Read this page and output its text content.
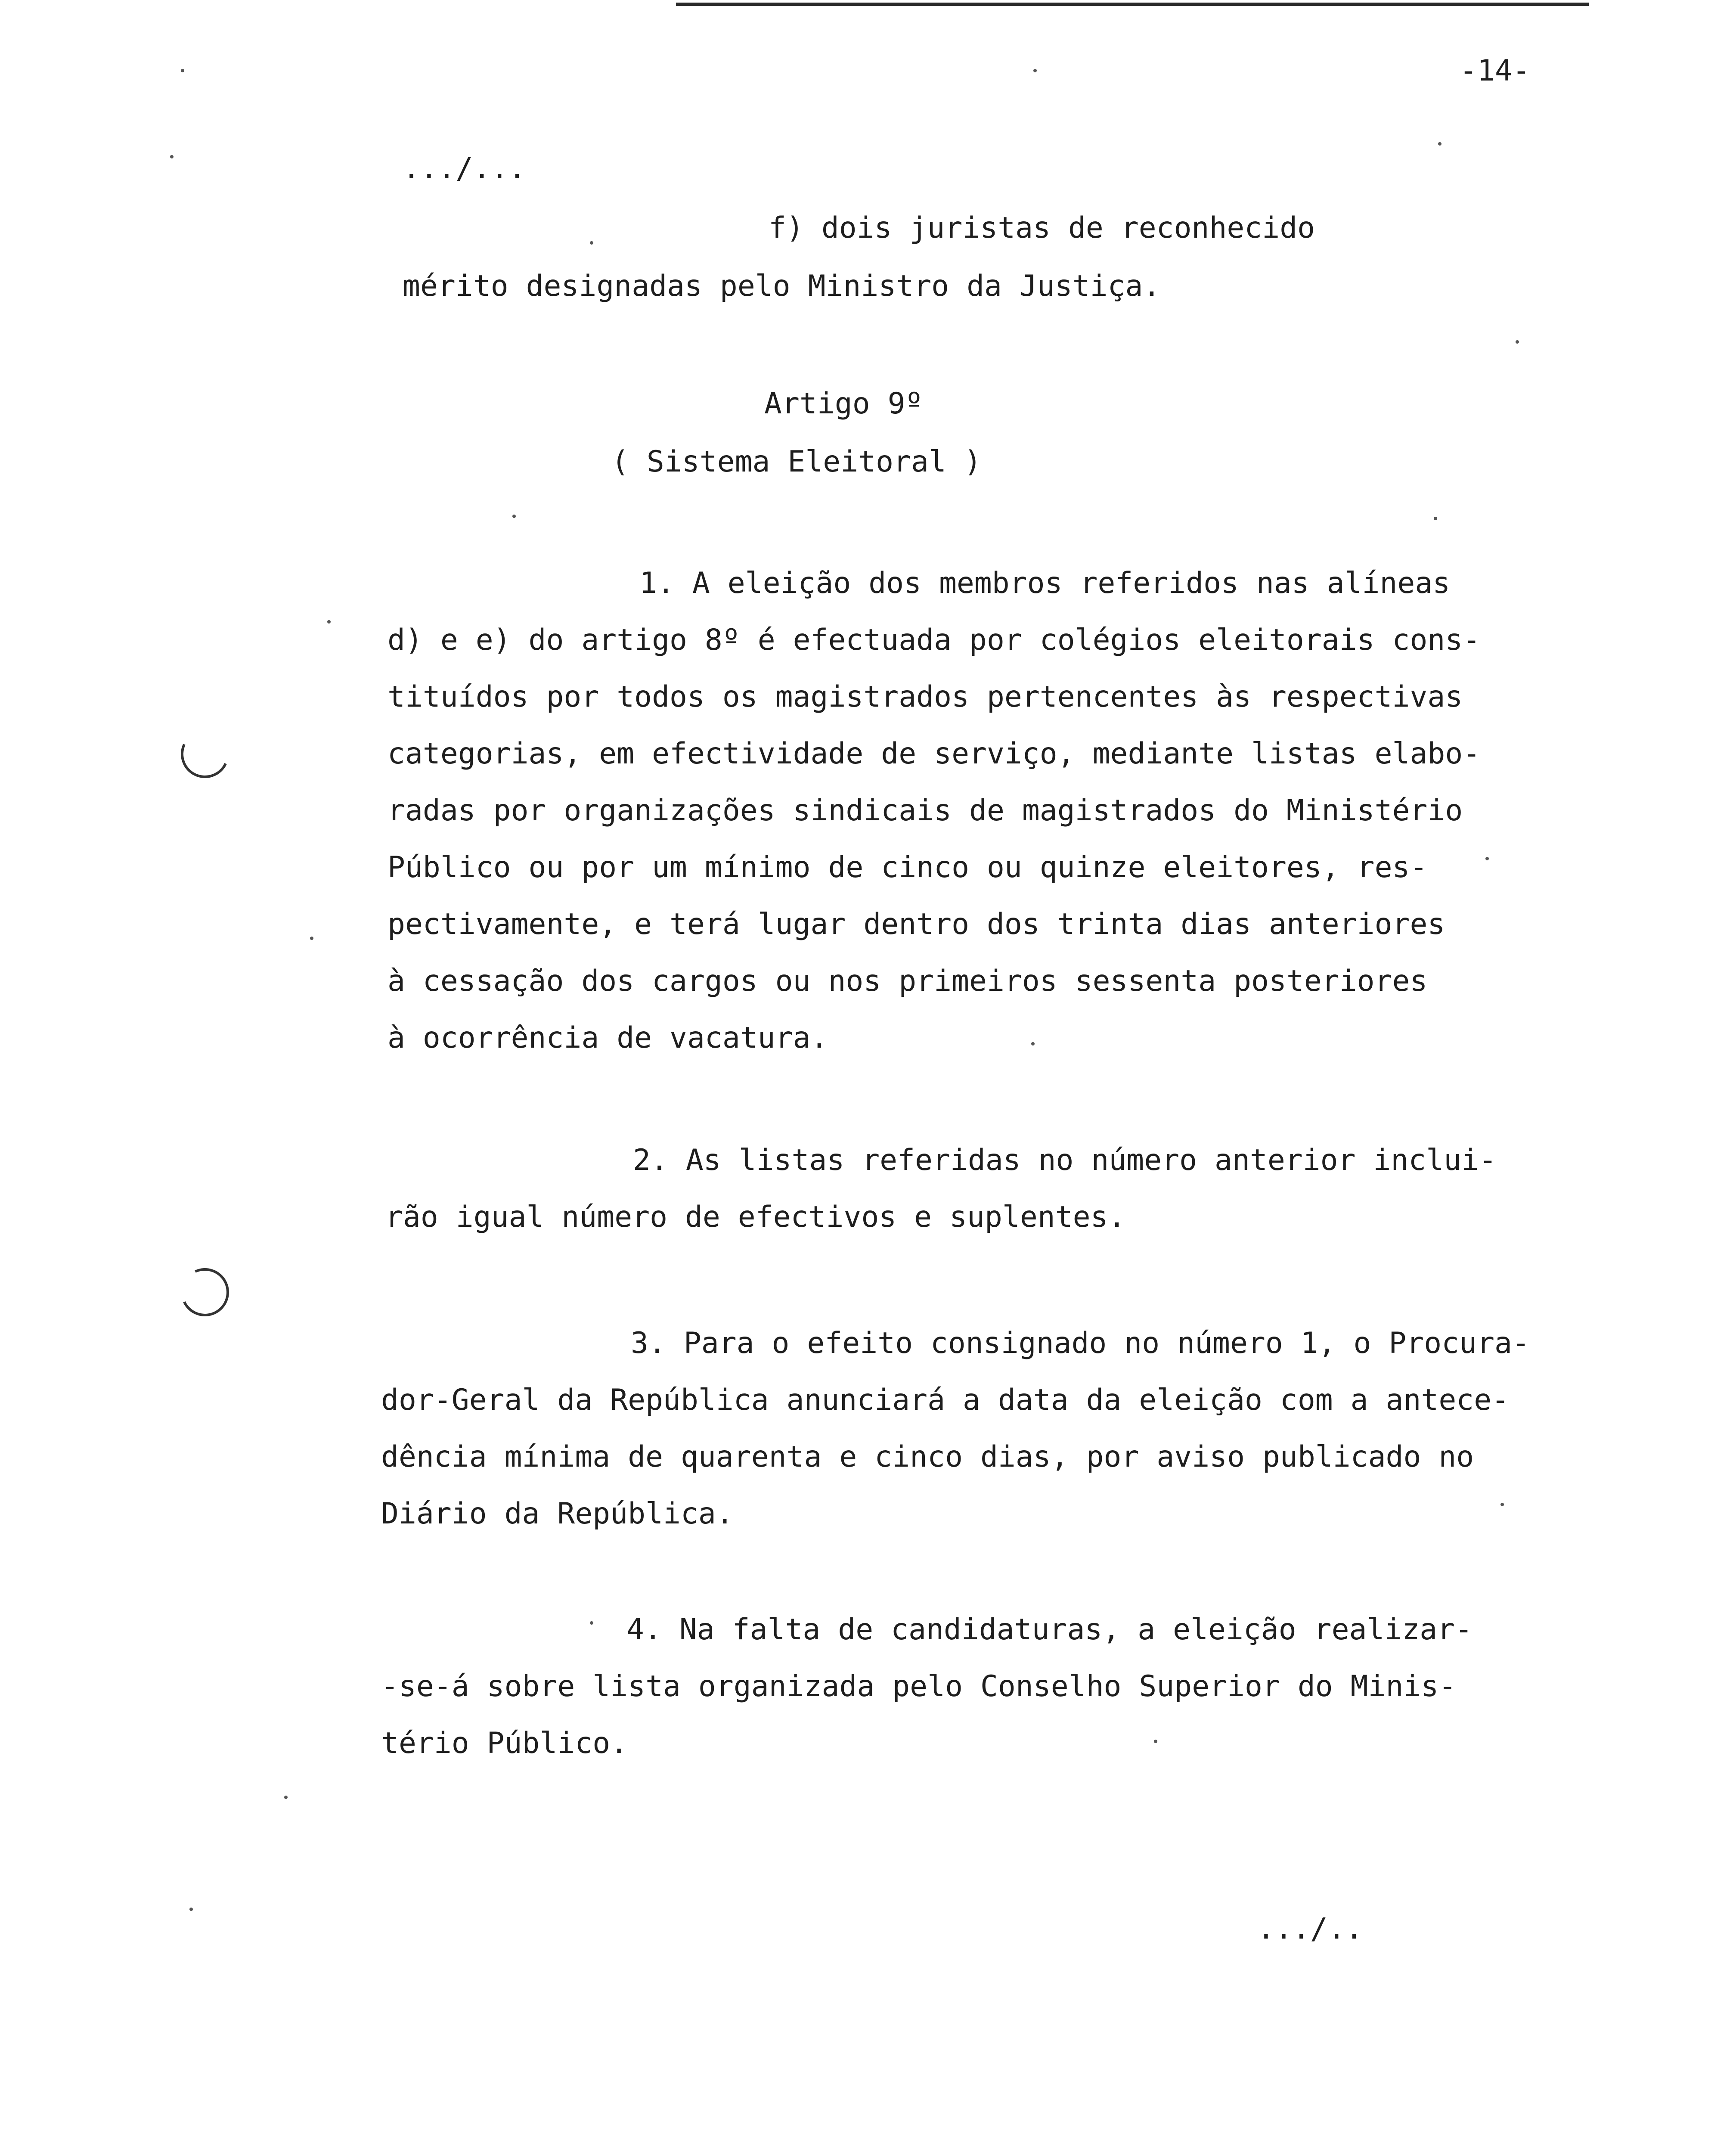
-14-
.../...
f) dois juristas de reconhecido
mérito designadas pelo Ministro da Justiça.
Artigo 9º
( Sistema Eleitoral )
1. A eleição dos membros referidos nas alíneas
d) e e) do artigo 8º é efectuada por colégios eleitorais cons-
tituídos por todos os magistrados pertencentes às respectivas
categorias, em efectividade de serviço, mediante listas elabo-
radas por organizações sindicais de magistrados do Ministério
Público ou por um mínimo de cinco ou quinze eleitores, res-
pectivamente, e terá lugar dentro dos trinta dias anteriores
à cessação dos cargos ou nos primeiros sessenta posteriores
à ocorrência de vacatura.
2. As listas referidas no número anterior inclui-
rão igual número de efectivos e suplentes.
3. Para o efeito consignado no número 1, o Procura-
dor-Geral da República anunciará a data da eleição com a antece-
dência mínima de quarenta e cinco dias, por aviso publicado no
Diário da República.
4. Na falta de candidaturas, a eleição realizar-
-se-á sobre lista organizada pelo Conselho Superior do Minis-
tério Público.
.../..
